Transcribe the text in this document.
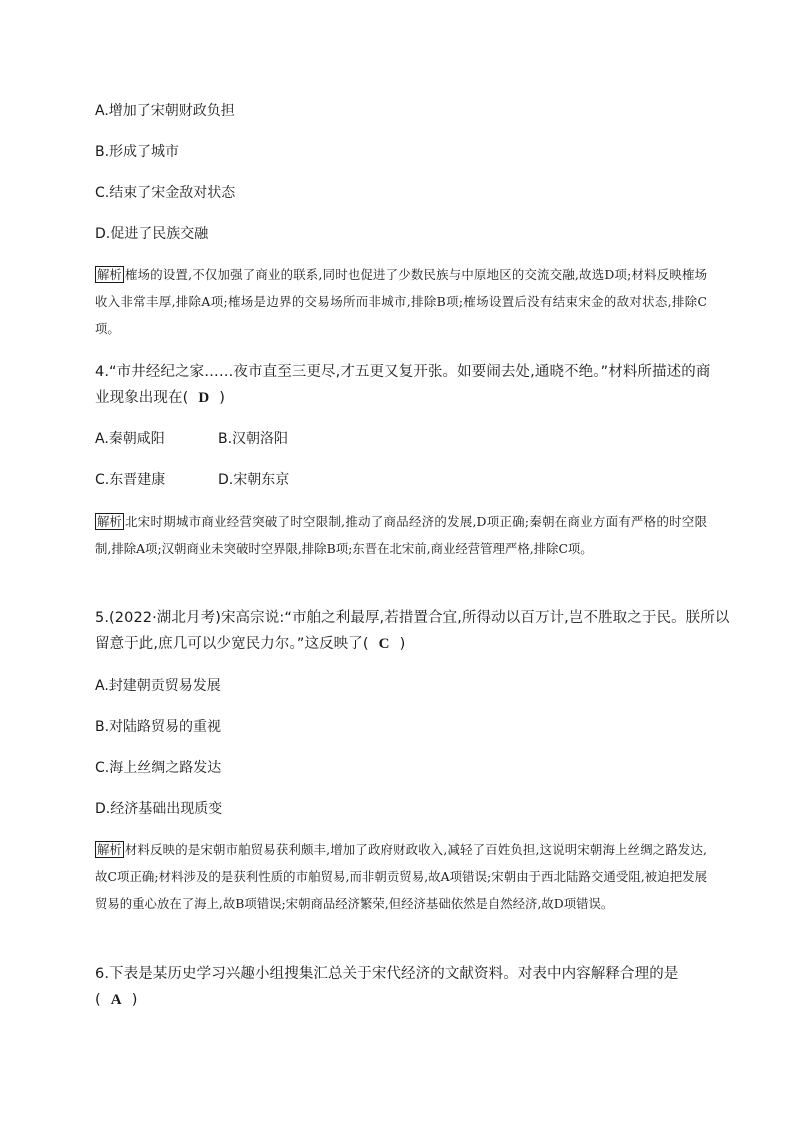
A.增加了宋朝财政负担
B.形成了城市
C.结束了宋金敌对状态
D.促进了民族交融
解析 榷场的设置,不仅加强了商业的联系,同时也促进了少数民族与中原地区的交流交融,故选D项;材料反映榷场收入非常丰厚,排除A项;榷场是边界的交易场所而非城市,排除B项;榷场设置后没有结束宋金的敌对状态,排除C项。
4.“市井经纪之家……夜市直至三更尽,才五更又复开张。如要闹去处,通晓不绝。”材料所描述的商
业现象出现在( D )
A.秦朝咸阳	B.汉朝洛阳
C.东晋建康	D.宋朝东京
解析 北宋时期城市商业经营突破了时空限制,推动了商品经济的发展,D项正确;秦朝在商业方面有严格的时空限制,排除A项;汉朝商业未突破时空界限,排除B项;东晋在北宋前,商业经营管理严格,排除C项。
5.(2022·湖北月考)宋高宗说:“市舶之利最厚,若措置合宜,所得动以百万计,岂不胜取之于民。朕所以
留意于此,庶几可以少宽民力尔。”这反映了( C )
A.封建朝贡贸易发展
B.对陆路贸易的重视
C.海上丝绸之路发达
D.经济基础出现质变
解析 材料反映的是宋朝市舶贸易获利颇丰,增加了政府财政收入,减轻了百姓负担,这说明宋朝海上丝绸之路发达,故C项正确;材料涉及的是获利性质的市舶贸易,而非朝贡贸易,故A项错误;宋朝由于西北陆路交通受阻,被迫把发展贸易的重心放在了海上,故B项错误;宋朝商品经济繁荣,但经济基础依然是自然经济,故D项错误。
6.下表是某历史学习兴趣小组搜集汇总关于宋代经济的文献资料。对表中内容解释合理的是
( A )
